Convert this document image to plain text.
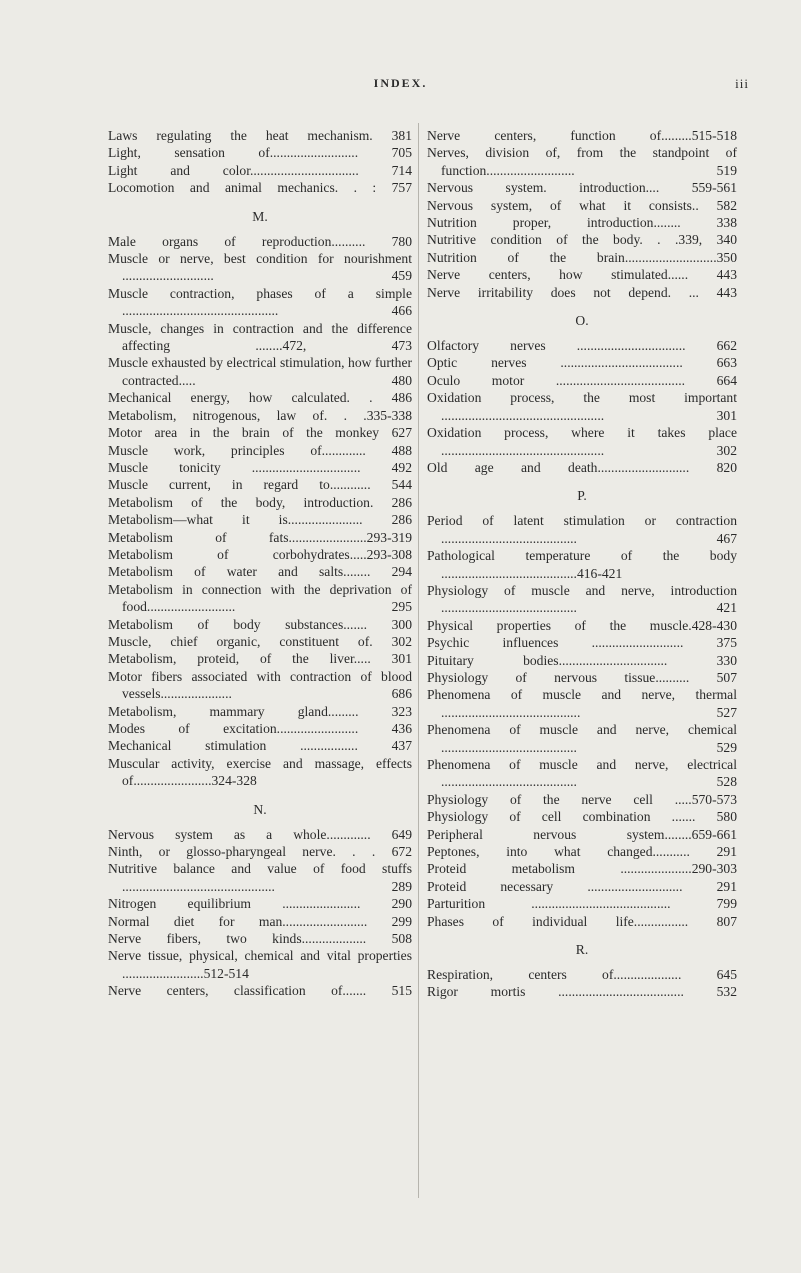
INDEX.	iii
Laws regulating the heat mechanism. 381
Light, sensation of.......................... 705
Light and color................................ 714
Locomotion and animal mechanics. . : 757
M.
Male organs of reproduction.......... 780
Muscle or nerve, best condition for nourishment ........................... 459
Muscle contraction, phases of a simple .............................................. 466
Muscle, changes in contraction and the difference affecting ........472, 473
Muscle exhausted by electrical stimulation, how further contracted..... 480
Mechanical energy, how calculated. . 486
Metabolism, nitrogenous, law of. . .335-338
Motor area in the brain of the monkey 627
Muscle work, principles of............. 488
Muscle tonicity ................................ 492
Muscle current, in regard to............ 544
Metabolism of the body, introduction. 286
Metabolism—what it is...................... 286
Metabolism of fats.......................293-319
Metabolism of corbohydrates.....293-308
Metabolism of water and salts........ 294
Metabolism in connection with the deprivation of food.......................... 295
Metabolism of body substances....... 300
Muscle, chief organic, constituent of. 302
Metabolism, proteid, of the liver..... 301
Motor fibers associated with contraction of blood vessels..................... 686
Metabolism, mammary gland......... 323
Modes of excitation........................ 436
Mechanical stimulation ................. 437
Muscular activity, exercise and massage, effects of.......................324-328
N.
Nervous system as a whole............. 649
Ninth, or glosso-pharyngeal nerve. . . 672
Nutritive balance and value of food stuffs ............................................. 289
Nitrogen equilibrium ....................... 290
Normal diet for man......................... 299
Nerve fibers, two kinds................... 508
Nerve tissue, physical, chemical and vital properties ........................512-514
Nerve centers, classification of....... 515
Nerve centers, function of.........515-518
Nerves, division of, from the standpoint of function.......................... 519
Nervous system. introduction.... 559-561
Nervous system, of what it consists.. 582
Nutrition proper, introduction........ 338
Nutritive condition of the body. . .339, 340
Nutrition of the brain...........................350
Nerve centers, how stimulated...... 443
Nerve irritability does not depend. ... 443
O.
Olfactory nerves ................................ 662
Optic nerves .................................... 663
Oculo motor ...................................... 664
Oxidation process, the most important ................................................ 301
Oxidation process, where it takes place ................................................ 302
Old age and death........................... 820
P.
Period of latent stimulation or contraction ........................................ 467
Pathological temperature of the body ........................................416-421
Physiology of muscle and nerve, introduction ........................................ 421
Physical properties of the muscle.428-430
Psychic influences ........................... 375
Pituitary bodies................................ 330
Physiology of nervous tissue.......... 507
Phenomena of muscle and nerve, thermal ......................................... 527
Phenomena of muscle and nerve, chemical ........................................ 529
Phenomena of muscle and nerve, electrical ........................................ 528
Physiology of the nerve cell .....570-573
Physiology of cell combination ....... 580
Peripheral nervous system........659-661
Peptones, into what changed........... 291
Proteid metabolism .....................290-303
Proteid necessary ............................ 291
Parturition ......................................... 799
Phases of individual life................ 807
R.
Respiration, centers of.................... 645
Rigor mortis ..................................... 532
